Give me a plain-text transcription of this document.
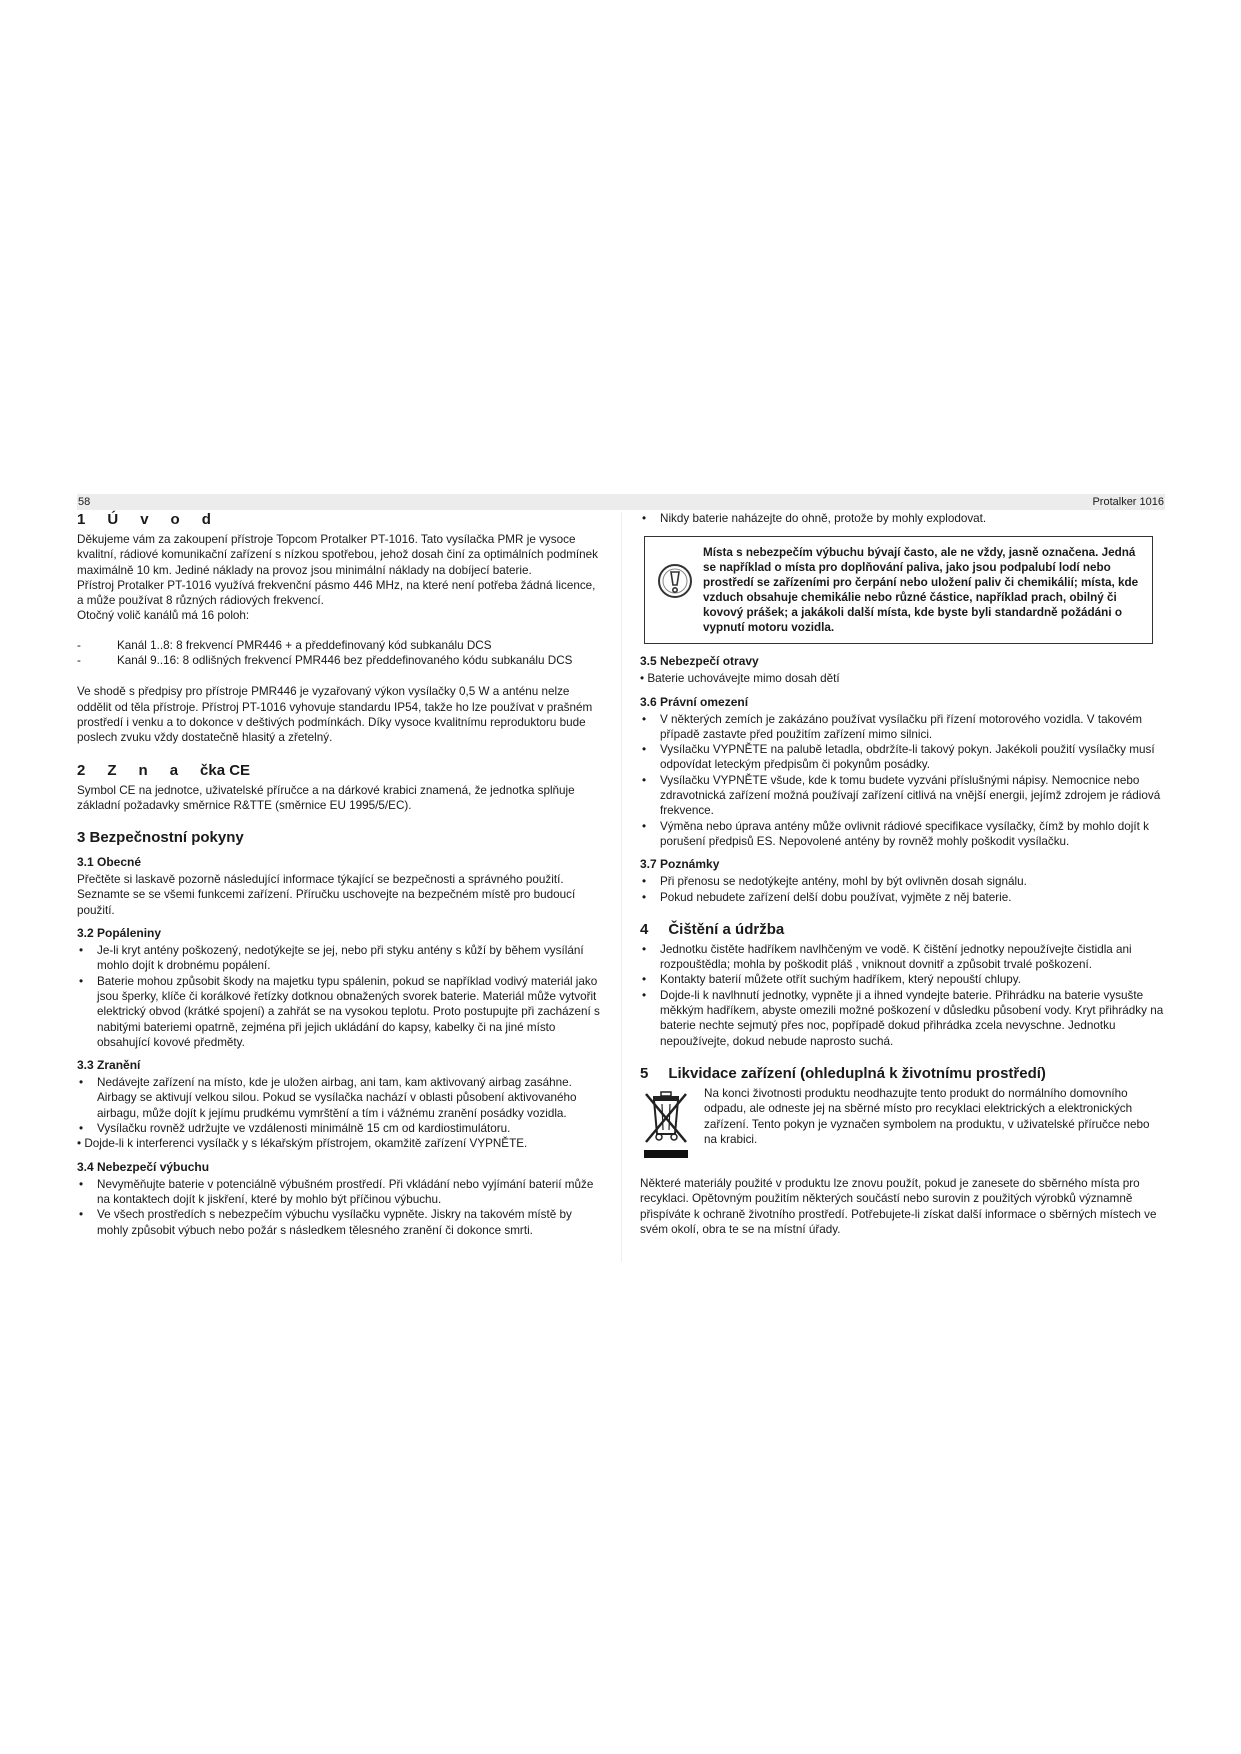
58	Protalker 1016
1 Ú v o d

Děkujeme vám za zakoupení přístroje Topcom Protalker PT-1016. Tato vysílačka PMR je vysoce kvalitní, rádiové komunikační zařízení s nízkou spotřebou, jehož dosah činí za optimálních podmínek maximálně 10 km. Jediné náklady na provoz jsou minimální náklady na dobíjecí baterie.

Přístroj Protalker PT-1016 využívá frekvenční pásmo 446 MHz, na které není potřeba žádná licence, a může používat 8 různých rádiových frekvencí.

Otočný volič kanálů má 16 poloh:

- Kanál 1..8: 8 frekvencí PMR446 + a předdefinovaný kód subkanálu DCS
- Kanál 9..16: 8 odlišných frekvencí PMR446 bez předdefinovaného kódu subkanálu DCS

Ve shodě s předpisy pro přístroje PMR446 je vyzařovaný výkon vysílačky 0,5 W a anténu nelze oddělit od těla přístroje. Přístroj PT-1016 vyhovuje standardu IP54, takže ho lze používat v prašném prostředí i venku a to dokonce v deštivých podmínkách. Díky vysoce kvalitnímu reproduktoru bude poslech zvuku vždy dostatečně hlasitý a zřetelný.

2 Z n a čka CE

Symbol CE na jednotce, uživatelské příručce a na dárkové krabici znamená, že jednotka splňuje základní požadavky směrnice R&TTE (směrnice EU 1995/5/EC).

3 Bezpečnostní pokyny
3.1 Obecné

Přečtěte si laskavě pozorně následující informace týkající se bezpečnosti a správného použití. Seznamte se se všemi funkcemi zařízení. Příručku uschovejte na bezpečném místě pro budoucí použití.

3.2 Popáleniny
• Je-li kryt antény poškozený, nedotýkejte se jej, nebo při styku antény s kůží by během vysílání mohlo dojít k drobnému popálení.
• Baterie mohou způsobit škody na majetku typu spálenin, pokud se například vodivý materiál jako jsou šperky, klíče či korálkové řetízky dotknou obnažených svorek baterie. Materiál může vytvořit elektrický obvod (krátké spojení) a zahřát se na vysokou teplotu. Proto postupujte při zacházení s nabitými bateriemi opatrně, zejména při jejich ukládání do kapsy, kabelky či na jiné místo obsahující kovové předměty.
3.3 Zranění
• Nedávejte zařízení na místo, kde je uložen airbag, ani tam, kam aktivovaný airbag zasáhne. Airbagy se aktivují velkou silou. Pokud se vysílačka nachází v oblasti působení aktivovaného airbagu, může dojít k jejímu prudkému vymrštění a tím i vážnému zranění posádky vozidla.
• Vysílačku rovněž udržujte ve vzdálenosti minimálně 15 cm od kardiostimulátoru.

• Dojde-li k interferenci vysílačk y s lékařským přístrojem, okamžitě zařízení VYPNĚTE.

3.4 Nebezpečí výbuchu
• Nevyměňujte baterie v potenciálně výbušném prostředí. Při vkládání nebo vyjímání baterií může na kontaktech dojít k jiskření, které by mohlo být příčinou výbuchu.
• Ve všech prostředích s nebezpečím výbuchu vysílačku vypněte. Jiskry na takovém místě by mohly způsobit výbuch nebo požár s následkem tělesného zranění či dokonce smrti.
• Nikdy baterie naházejte do ohně, protože by mohly explodovat.
Místa s nebezpečím výbuchu bývají často, ale ne vždy, jasně označena. Jedná se například o místa pro doplňování paliva, jako jsou podpalubí lodí nebo prostředí se zařízeními pro čerpání nebo uložení paliv či chemikálií; místa, kde vzduch obsahuje chemikálie nebo různé částice, například prach, obilný či kovový prášek; a jakákoli další místa, kde byste byli standardně požádáni o vypnutí motoru vozidla.
3.5 Nebezpečí otravy

• Baterie uchovávejte mimo dosah dětí

3.6 Právní omezení
• V některých zemích je zakázáno používat vysílačku při řízení motorového vozidla. V takovém případě zastavte před použitím zařízení mimo silnici.
• Vysílačku VYPNĚTE na palubě letadla, obdržíte-li takový pokyn. Jakékoli použití vysílačky musí odpovídat leteckým předpisům či pokynům posádky.
• Vysílačku VYPNĚTE všude, kde k tomu budete vyzváni příslušnými nápisy. Nemocnice nebo zdravotnická zařízení možná používají zařízení citlivá na vnější energii, jejímž zdrojem je rádiová frekvence.
• Výměna nebo úprava antény může ovlivnit rádiové specifikace vysílačky, čímž by mohlo dojít k porušení předpisů ES. Nepovolené antény by rovněž mohly poškodit vysílačku.
3.7 Poznámky
• Při přenosu se nedotýkejte antény, mohl by být ovlivněn dosah signálu.
• Pokud nebudete zařízení delší dobu používat, vyjměte z něj baterie.
4 Čištění a údržba
• Jednotku čistěte hadříkem navlhčeným ve vodě. K čištění jednotky nepoužívejte čistidla ani rozpouštědla; mohla by poškodit pláš , vniknout dovnitř a způsobit trvalé poškození.
• Kontakty baterií můžete otřít suchým hadříkem, který nepouští chlupy.
• Dojde-li k navlhnutí jednotky, vypněte ji a ihned vyndejte baterie. Přihrádku na baterie vysušte měkkým hadříkem, abyste omezili možné poškození v důsledku působení vody. Kryt přihrádky na baterie nechte sejmutý přes noc, popřípadě dokud přihrádka zcela nevyschne. Jednotku nepoužívejte, dokud nebude naprosto suchá.
5 Likvidace zařízení (ohleduplná k životnímu prostředí)

Na konci životnosti produktu neodhazujte tento produkt do normálního domovního odpadu, ale odneste jej na sběrné místo pro recyklaci elektrických a elektronických zařízení. Tento pokyn je vyznačen symbolem na produktu, v uživatelské příručce nebo na krabici.

Některé materiály použité v produktu lze znovu použít, pokud je zanesete do sběrného místa pro recyklaci. Opětovným použitím některých součástí nebo surovin z použitých výrobků významně přispíváte k ochraně životního prostředí. Potřebujete-li získat další informace o sběrných místech ve svém okolí, obra te se na místní úřady.
